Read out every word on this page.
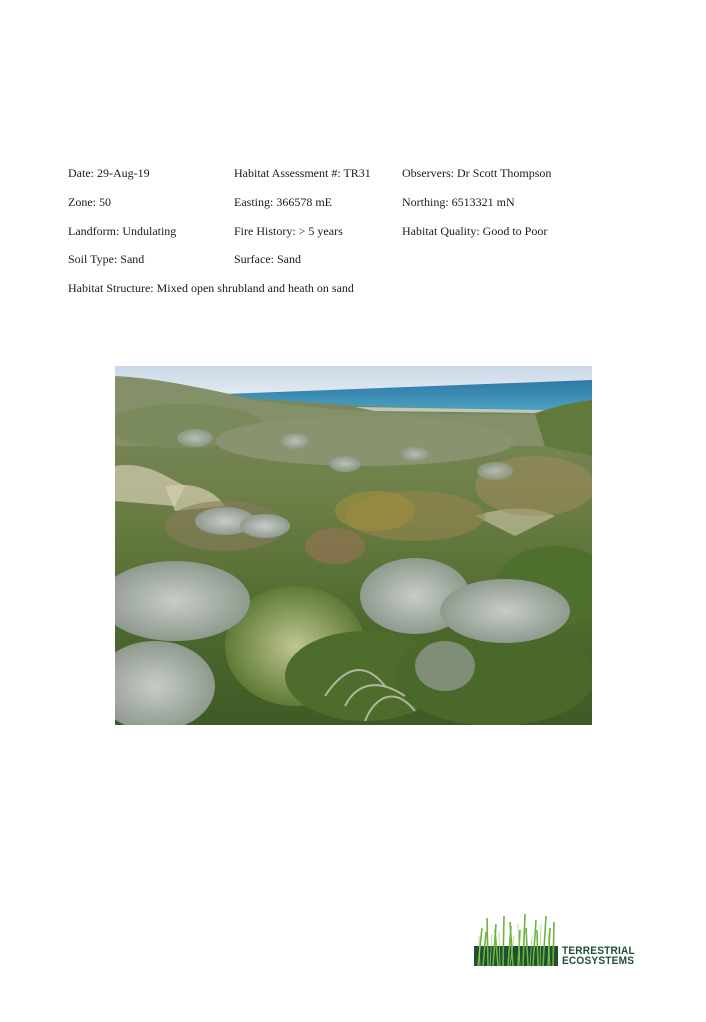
Date: 29-Aug-19	Habitat Assessment #: TR31	Observers: Dr Scott Thompson
Zone: 50	Easting: 366578 mE	Northing: 6513321 mN
Landform: Undulating	Fire History: > 5 years	Habitat Quality: Good to Poor
Soil Type: Sand	Surface: Sand
Habitat Structure: Mixed open shrubland and heath on sand
TERRESTRIAL
ECOSYSTEMS
